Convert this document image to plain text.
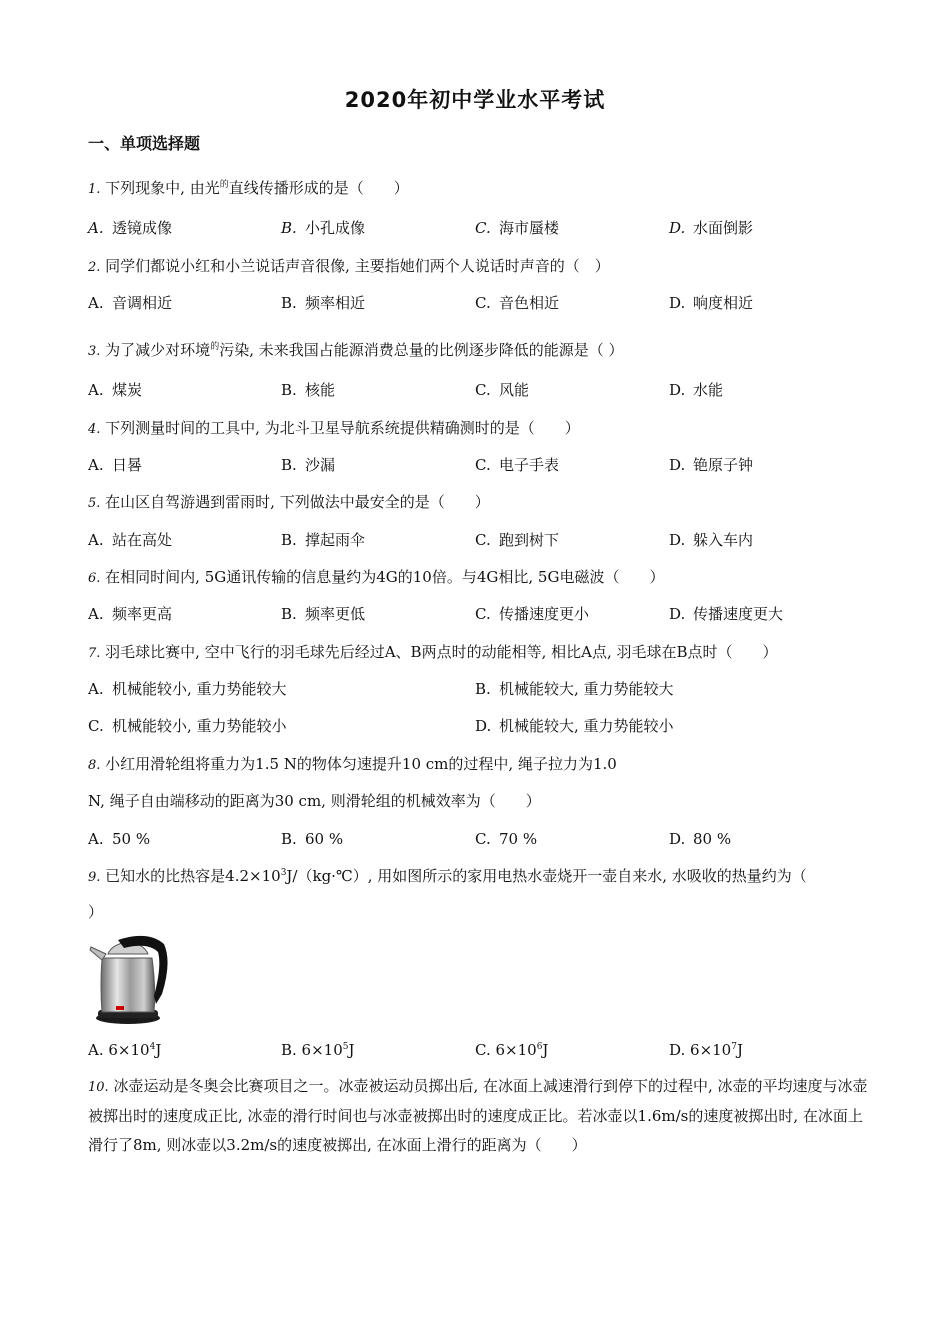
2020年初中学业水平考试
一、单项选择题
1. 下列现象中, 由光$^的$直线传播形成的是（　　）
A. 透镜成像	B. 小孔成像	C. 海市蜃楼	D. 水面倒影
2. 同学们都说小红和小兰说话声音很像, 主要指她们两个人说话时声音的（　）
A. 音调相近	B. 频率相近	C. 音色相近	D. 响度相近
3. 为了减少对环境$^的$污染, 未来我国占能源消费总量的比例逐步降低的能源是（ ）
A. 煤炭	B. 核能	C. 风能	D. 水能
4. 下列测量时间的工具中, 为北斗卫星导航系统提供精确测时的是（　　）
A. 日晷	B. 沙漏	C. 电子手表	D. 铯原子钟
5. 在山区自驾游遇到雷雨时, 下列做法中最安全的是（　　）
A. 站在高处	B. 撑起雨伞	C. 跑到树下	D. 躲入车内
6. 在相同时间内, 5G通讯传输的信息量约为4G的10倍。与4G相比, 5G电磁波（　　）
A. 频率更高	B. 频率更低	C. 传播速度更小	D. 传播速度更大
7. 羽毛球比赛中, 空中飞行的羽毛球先后经过A、B两点时的动能相等, 相比A点, 羽毛球在B点时（　　）
A. 机械能较小, 重力势能较大	B. 机械能较大, 重力势能较大
C. 机械能较小, 重力势能较小	D. 机械能较大, 重力势能较小
8. 小红用滑轮组将重力为1.5 N的物体匀速提升10 cm的过程中, 绳子拉力为1.0
N, 绳子自由端移动的距离为30 cm, 则滑轮组的机械效率为（　　）
A. 50 %	B. 60 %	C. 70 %	D. 80 %
9. 已知水的比热容是$4.2\times 10^3J/(kg\cdot℃)$, 用如图所示的家用电热水壶烧开一壶自来水, 水吸收的热量约为（
）
A. $6\times 10^4J$	B. $6\times 10^5J$	C. $6\times 10^6J$	D. $6\times 10^7J$
10. 冰壶运动是冬奥会比赛项目之一。冰壶被运动员掷出后, 在冰面上减速滑行到停下的过程中, 冰壶的平均速度与冰壶被掷出时的速度成正比, 冰壶的滑行时间也与冰壶被掷出时的速度成正比。若冰壶以1.6m/s的速度被掷出时, 在冰面上滑行了8m, 则冰壶以3.2m/s的速度被掷出, 在冰面上滑行的距离为（　　）
